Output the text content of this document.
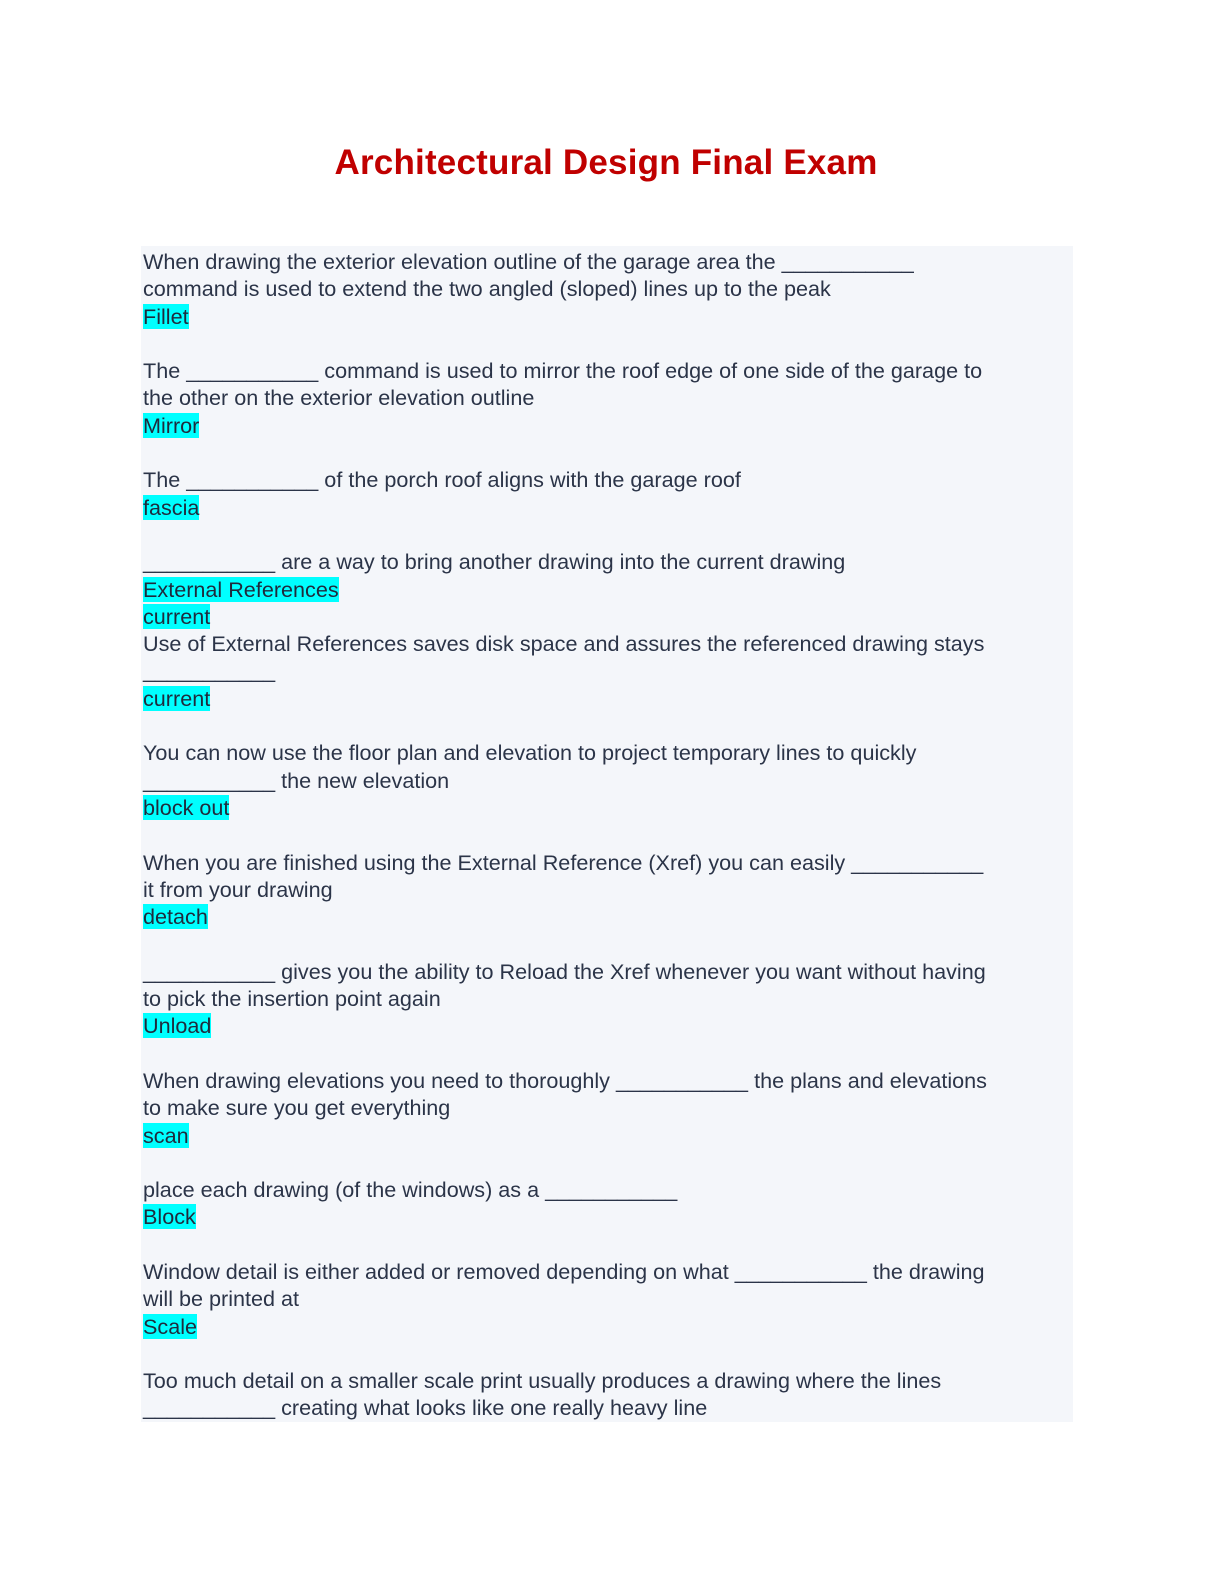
Architectural Design Final Exam
When drawing the exterior elevation outline of the garage area the ___________
command is used to extend the two angled (sloped) lines up to the peak
Fillet
The ___________ command is used to mirror the roof edge of one side of the garage to
the other on the exterior elevation outline
Mirror
The ___________ of the porch roof aligns with the garage roof
fascia
___________ are a way to bring another drawing into the current drawing
External References
current
Use of External References saves disk space and assures the referenced drawing stays
___________
current
You can now use the floor plan and elevation to project temporary lines to quickly
___________ the new elevation
block out
When you are finished using the External Reference (Xref) you can easily ___________
it from your drawing
detach
___________ gives you the ability to Reload the Xref whenever you want without having
to pick the insertion point again
Unload
When drawing elevations you need to thoroughly ___________ the plans and elevations
to make sure you get everything
scan
place each drawing (of the windows) as a ___________
Block
Window detail is either added or removed depending on what ___________ the drawing
will be printed at
Scale
Too much detail on a smaller scale print usually produces a drawing where the lines
___________ creating what looks like one really heavy line
